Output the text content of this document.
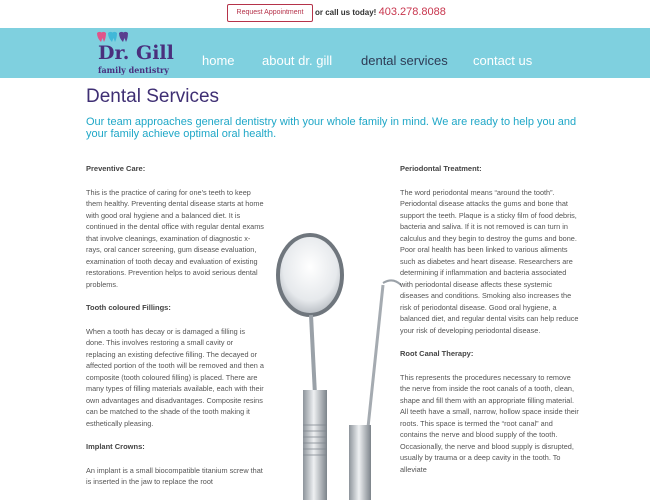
Request Appointment	or call us today! 403.278.8088
Dr. Gill
family dentistry
home about dr. gill dental services contact us
Dental Services
Our team approaches general dentistry with your whole family in mind. We are ready to help you and your family achieve optimal oral health.
Preventive Care:

This is the practice of caring for one's teeth to keep them healthy. Preventing dental disease starts at home with good oral hygiene and a balanced diet. It is continued in the dental office with regular dental exams that involve cleanings, examination of diagnostic x-rays, oral cancer screening, gum disease evaluation, examination of tooth decay and evaluation of existing restorations. Prevention helps to avoid serious dental problems.

Tooth coloured Fillings:

When a tooth has decay or is damaged a filling is done. This involves restoring a small cavity or replacing an existing defective filling. The decayed or affected portion of the tooth will be removed and then a composite (tooth coloured filling) is placed. There are many types of filling materials available, each with their own advantages and disadvantages. Composite resins can be matched to the shade of the tooth making it esthetically pleasing.

Implant Crowns:

An implant is a small biocompatible titanium screw that is inserted in the jaw to replace the root

Periodontal Treatment:

The word periodontal means “around the tooth”. Periodontal disease attacks the gums and bone that support the teeth. Plaque is a sticky film of food debris, bacteria and saliva. If it is not removed is can turn in calculus and they begin to destroy the gums and bone. Poor oral health has been linked to various aliments such as diabetes and heart disease. Researchers are determining if inflammation and bacteria associated with periodontal disease affects these systemic diseases and conditions. Smoking also increases the risk of periodontal disease. Good oral hygiene, a balanced diet, and regular dental visits can help reduce your risk of developing periodontal disease.

Root Canal Therapy:

This represents the procedures necessary to remove the nerve from inside the root canals of a tooth, clean, shape and fill them with an appropriate filling material. All teeth have a small, narrow, hollow space inside their roots. This space is termed the “root canal” and contains the nerve and blood supply of the tooth. Occasionally, the nerve and blood supply is disrupted, usually by trauma or a deep cavity in the tooth. To alleviate
